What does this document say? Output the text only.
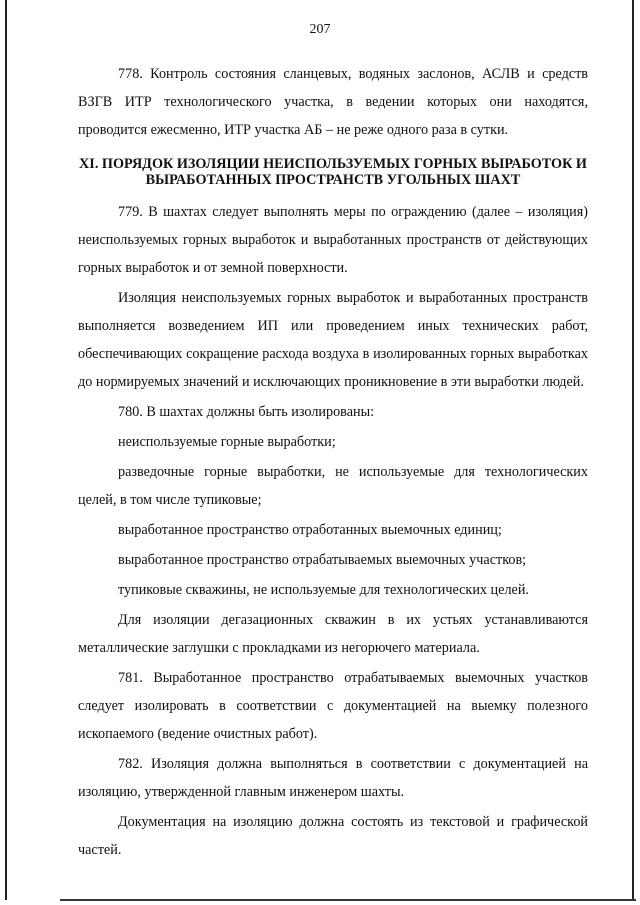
207

778. Контроль состояния сланцевых, водяных заслонов, АСЛВ и средств ВЗГВ ИТР технологического участка, в ведении которых они находятся, проводится ежесменно, ИТР участка АБ – не реже одного раза в сутки.

XI. ПОРЯДОК ИЗОЛЯЦИИ НЕИСПОЛЬЗУЕМЫХ ГОРНЫХ ВЫРАБОТОК И ВЫРАБОТАННЫХ ПРОСТРАНСТВ УГОЛЬНЫХ ШАХТ

779. В шахтах следует выполнять меры по ограждению (далее – изоляция) неиспользуемых горных выработок и выработанных пространств от действующих горных выработок и от земной поверхности.

Изоляция неиспользуемых горных выработок и выработанных пространств выполняется возведением ИП или проведением иных технических работ, обеспечивающих сокращение расхода воздуха в изолированных горных выработках до нормируемых значений и исключающих проникновение в эти выработки людей.

780. В шахтах должны быть изолированы:

неиспользуемые горные выработки;

разведочные горные выработки, не используемые для технологических целей, в том числе тупиковые;

выработанное пространство отработанных выемочных единиц;

выработанное пространство отрабатываемых выемочных участков;

тупиковые скважины, не используемые для технологических целей.

Для изоляции дегазационных скважин в их устьях устанавливаются металлические заглушки с прокладками из негорючего материала.

781. Выработанное пространство отрабатываемых выемочных участков следует изолировать в соответствии с документацией на выемку полезного ископаемого (ведение очистных работ).

782. Изоляция должна выполняться в соответствии с документацией на изоляцию, утвержденной главным инженером шахты.

Документация на изоляцию должна состоять из текстовой и графической частей.
